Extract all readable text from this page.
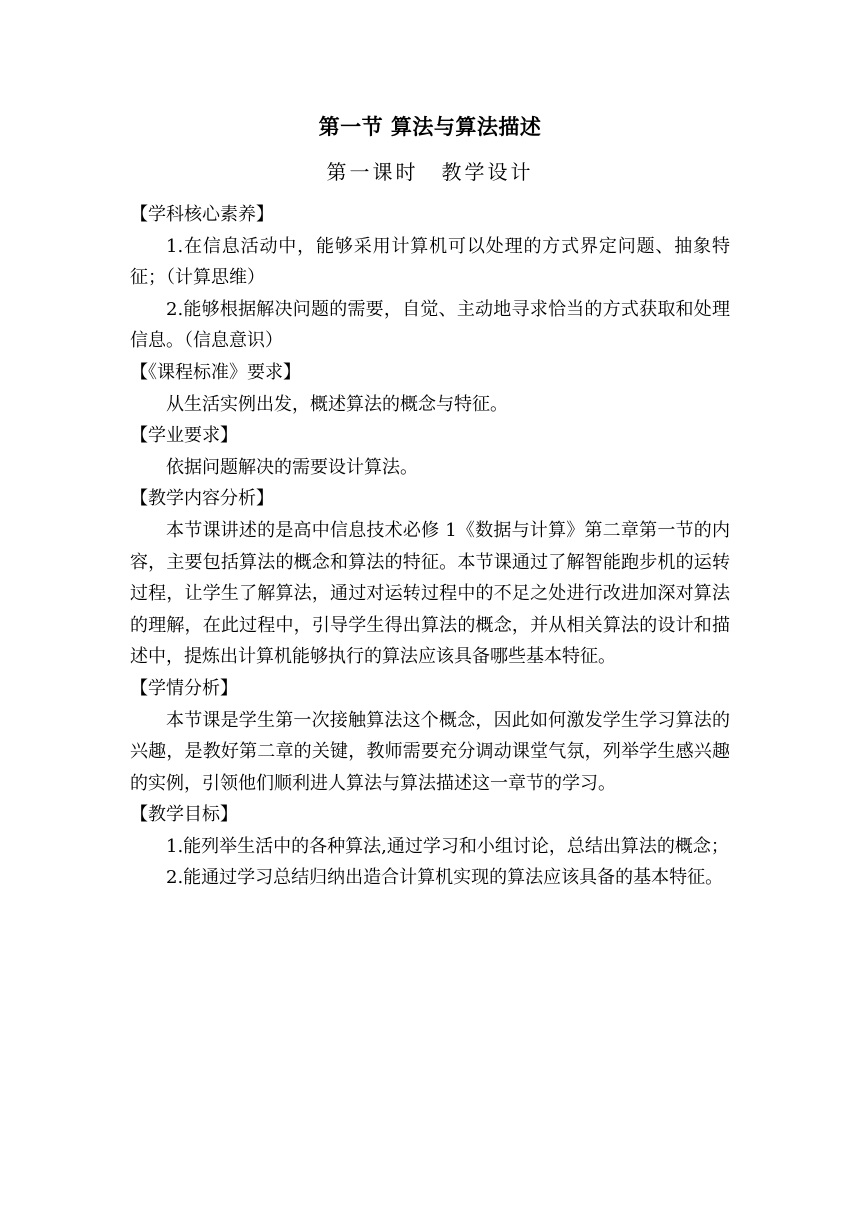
第一节 算法与算法描述
第一课时　教学设计
【学科核心素养】

1.在信息活动中，能够采用计算机可以处理的方式界定问题、抽象特征；（计算思维）

2.能够根据解决问题的需要，自觉、主动地寻求恰当的方式获取和处理信息。（信息意识）

【《课程标准》要求】

从生活实例出发，概述算法的概念与特征。

【学业要求】

依据问题解决的需要设计算法。

【教学内容分析】

本节课讲述的是高中信息技术必修 1《数据与计算》第二章第一节的内容，主要包括算法的概念和算法的特征。本节课通过了解智能跑步机的运转过程，让学生了解算法，通过对运转过程中的不足之处进行改进加深对算法的理解，在此过程中，引导学生得出算法的概念，并从相关算法的设计和描述中，提炼出计算机能够执行的算法应该具备哪些基本特征。

【学情分析】

本节课是学生第一次接触算法这个概念，因此如何激发学生学习算法的兴趣，是教好第二章的关键，教师需要充分调动课堂气氛，列举学生感兴趣的实例，引领他们顺利进人算法与算法描述这一章节的学习。

【教学目标】

1.能列举生活中的各种算法,通过学习和小组讨论，总结出算法的概念；

2.能通过学习总结归纳出造合计算机实现的算法应该具备的基本特征。
